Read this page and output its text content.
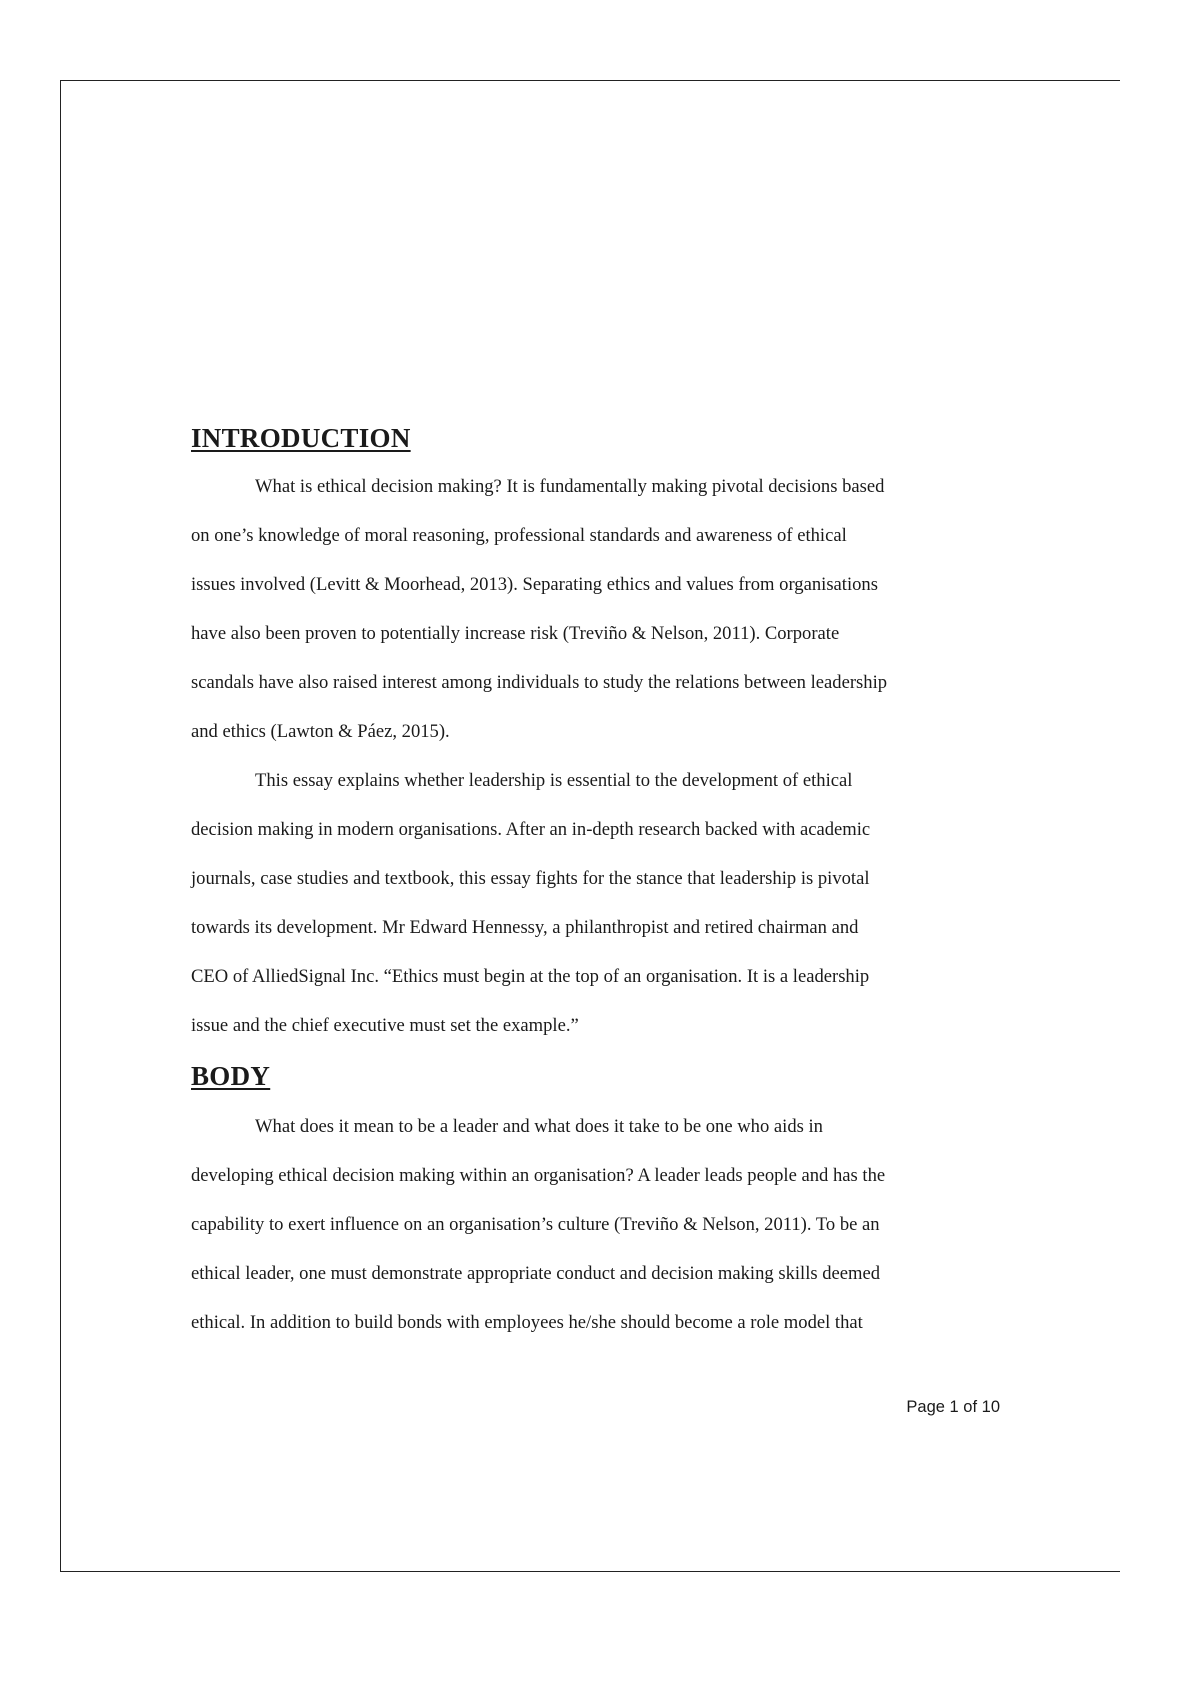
INTRODUCTION

What is ethical decision making? It is fundamentally making pivotal decisions based
on one’s knowledge of moral reasoning, professional standards and awareness of ethical
issues involved (Levitt & Moorhead, 2013). Separating ethics and values from organisations
have also been proven to potentially increase risk (Treviño & Nelson, 2011). Corporate
scandals have also raised interest among individuals to study the relations between leadership
and ethics (Lawton & Páez, 2015).

This essay explains whether leadership is essential to the development of ethical
decision making in modern organisations. After an in-depth research backed with academic
journals, case studies and textbook, this essay fights for the stance that leadership is pivotal
towards its development. Mr Edward Hennessy, a philanthropist and retired chairman and
CEO of AlliedSignal Inc. “Ethics must begin at the top of an organisation. It is a leadership
issue and the chief executive must set the example.”

BODY

What does it mean to be a leader and what does it take to be one who aids in
developing ethical decision making within an organisation? A leader leads people and has the
capability to exert influence on an organisation’s culture (Treviño & Nelson, 2011). To be an
ethical leader, one must demonstrate appropriate conduct and decision making skills deemed
ethical. In addition to build bonds with employees he/she should become a role model that

Page 1 of 10
